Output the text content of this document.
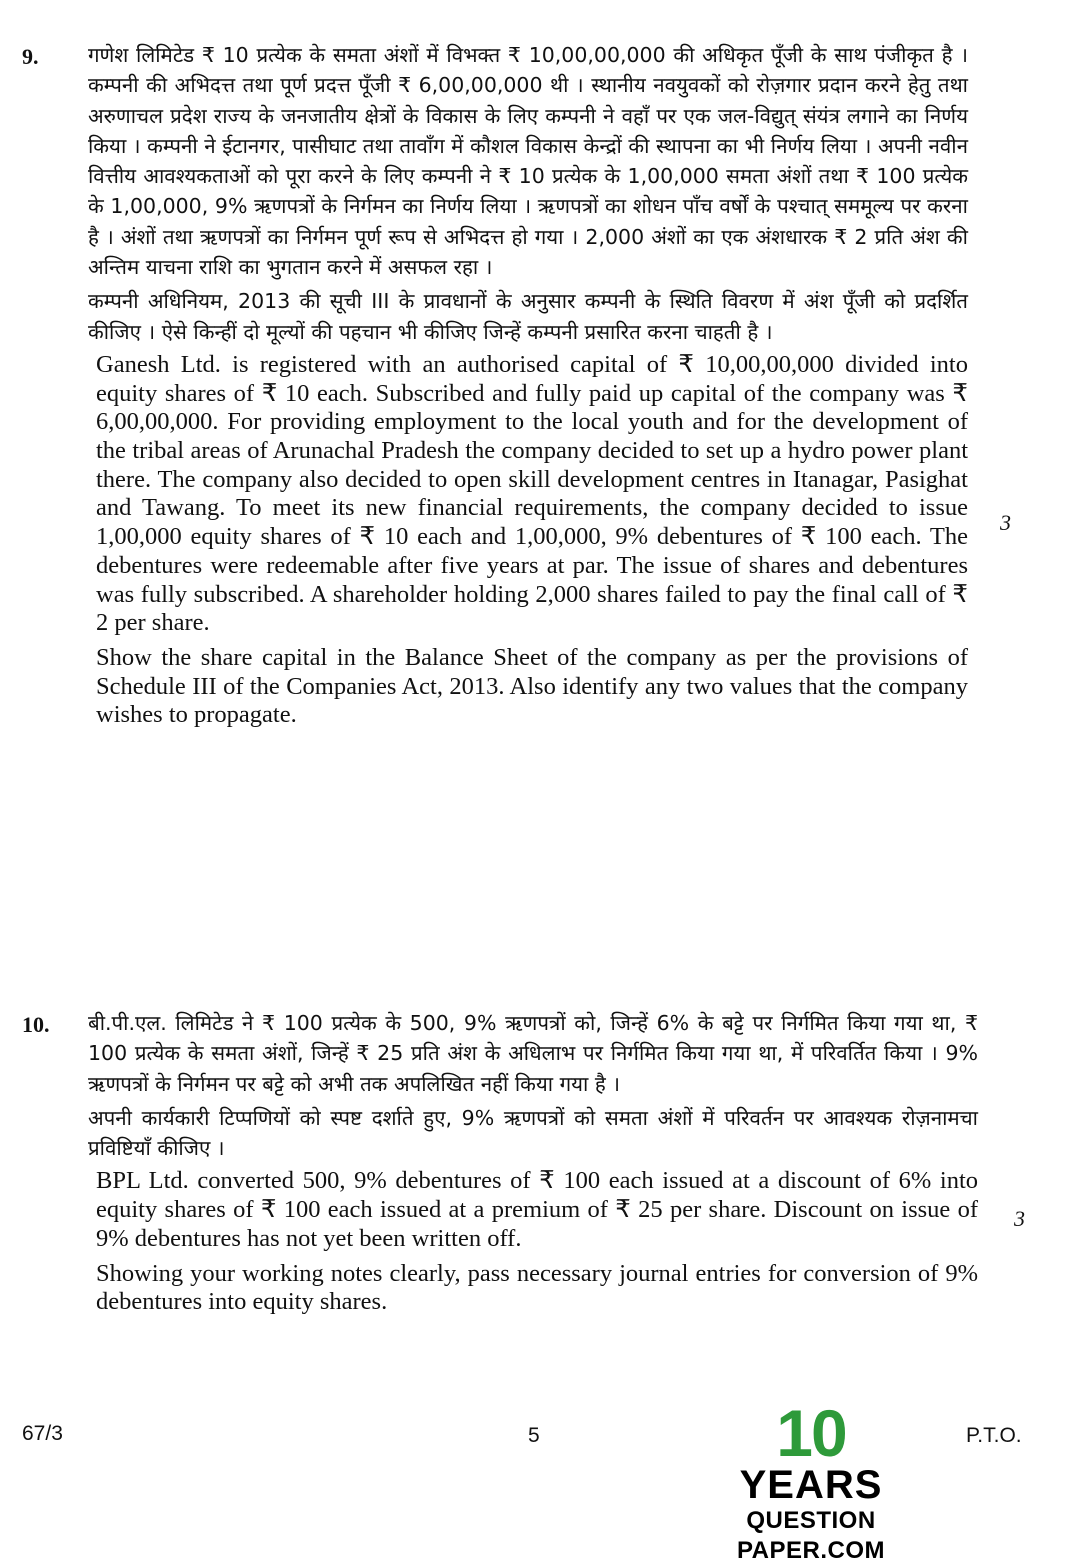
9. गणेश लिमिटेड ₹ 10 प्रत्येक के समता अंशों में विभक्त ₹ 10,00,00,000 की अधिकृत पूँजी के साथ पंजीकृत है । कम्पनी की अभिदत्त तथा पूर्ण प्रदत्त पूँजी ₹ 6,00,00,000 थी । स्थानीय नवयुवकों को रोज़गार प्रदान करने हेतु तथा अरुणाचल प्रदेश राज्य के जनजातीय क्षेत्रों के विकास के लिए कम्पनी ने वहाँ पर एक जल-विद्युत् संयंत्र लगाने का निर्णय किया । कम्पनी ने ईटानगर, पासीघाट तथा तावाँग में कौशल विकास केन्द्रों की स्थापना का भी निर्णय लिया । अपनी नवीन वित्तीय आवश्यकताओं को पूरा करने के लिए कम्पनी ने ₹ 10 प्रत्येक के 1,00,000 समता अंशों तथा ₹ 100 प्रत्येक के 1,00,000, 9% ऋणपत्रों के निर्गमन का निर्णय लिया । ऋणपत्रों का शोधन पाँच वर्षों के पश्चात् सममूल्य पर करना है । अंशों तथा ऋणपत्रों का निर्गमन पूर्ण रूप से अभिदत्त हो गया । 2,000 अंशों का एक अंशधारक ₹ 2 प्रति अंश की अन्तिम याचना राशि का भुगतान करने में असफल रहा ।

कम्पनी अधिनियम, 2013 की सूची III के प्रावधानों के अनुसार कम्पनी के स्थिति विवरण में अंश पूँजी को प्रदर्शित कीजिए । ऐसे किन्हीं दो मूल्यों की पहचान भी कीजिए जिन्हें कम्पनी प्रसारित करना चाहती है ।

Ganesh Ltd. is registered with an authorised capital of ₹ 10,00,00,000 divided into equity shares of ₹ 10 each. Subscribed and fully paid up capital of the company was ₹ 6,00,00,000. For providing employment to the local youth and for the development of the tribal areas of Arunachal Pradesh the company decided to set up a hydro power plant there. The company also decided to open skill development centres in Itanagar, Pasighat and Tawang. To meet its new financial requirements, the company decided to issue 1,00,000 equity shares of ₹ 10 each and 1,00,000, 9% debentures of ₹ 100 each. The debentures were redeemable after five years at par. The issue of shares and debentures was fully subscribed. A shareholder holding 2,000 shares failed to pay the final call of ₹ 2 per share.

Show the share capital in the Balance Sheet of the company as per the provisions of Schedule III of the Companies Act, 2013. Also identify any two values that the company wishes to propagate.

3
10. बी.पी.एल. लिमिटेड ने ₹ 100 प्रत्येक के 500, 9% ऋणपत्रों को, जिन्हें 6% के बट्टे पर निर्गमित किया गया था, ₹ 100 प्रत्येक के समता अंशों, जिन्हें ₹ 25 प्रति अंश के अधिलाभ पर निर्गमित किया गया था, में परिवर्तित किया । 9% ऋणपत्रों के निर्गमन पर बट्टे को अभी तक अपलिखित नहीं किया गया है ।

अपनी कार्यकारी टिप्पणियों को स्पष्ट दर्शाते हुए, 9% ऋणपत्रों को समता अंशों में परिवर्तन पर आवश्यक रोज़नामचा प्रविष्टियाँ कीजिए ।

BPL Ltd. converted 500, 9% debentures of ₹ 100 each issued at a discount of 6% into equity shares of ₹ 100 each issued at a premium of ₹ 25 per share. Discount on issue of 9% debentures has not yet been written off.

Showing your working notes clearly, pass necessary journal entries for conversion of 9% debentures into equity shares.

3
67/3	5	P.T.O.
10
YEARS
QUESTION PAPER.COM
